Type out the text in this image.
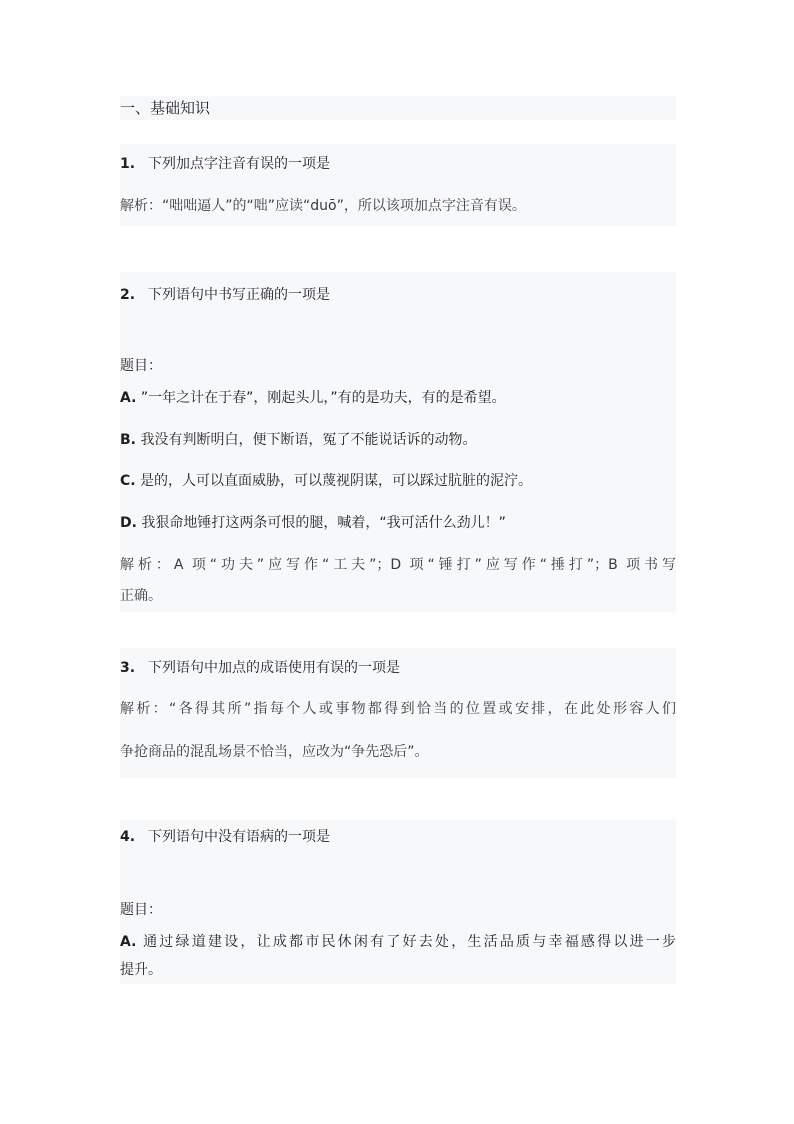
一、基础知识
1. 下列加点字注音有误的一项是
解析：“咄咄逼人”的“咄”应读“duō”，所以该项加点字注音有误。
2. 下列语句中书写正确的一项是
题目：
A. ”一年之计在于春”，刚起头儿，”有的是功夫，有的是希望。
B. 我没有判断明白，便下断语，冤了不能说话诉的动物。
C. 是的，人可以直面威胁，可以蔑视阴谋，可以踩过肮脏的泥泞。
D. 我狠命地锤打这两条可恨的腿，喊着，“我可活什么劲儿！”
解析：A 项“功夫”应写作“工夫”；D 项“锤打”应写作“捶打”；B 项书写
正确。
3. 下列语句中加点的成语使用有误的一项是
解析：“各得其所”指每个人或事物都得到恰当的位置或安排，在此处形容人们
争抢商品的混乱场景不恰当，应改为“争先恐后”。
4. 下列语句中没有语病的一项是
题目：
A. 通过绿道建设，让成都市民休闲有了好去处，生活品质与幸福感得以进一步
提升。
